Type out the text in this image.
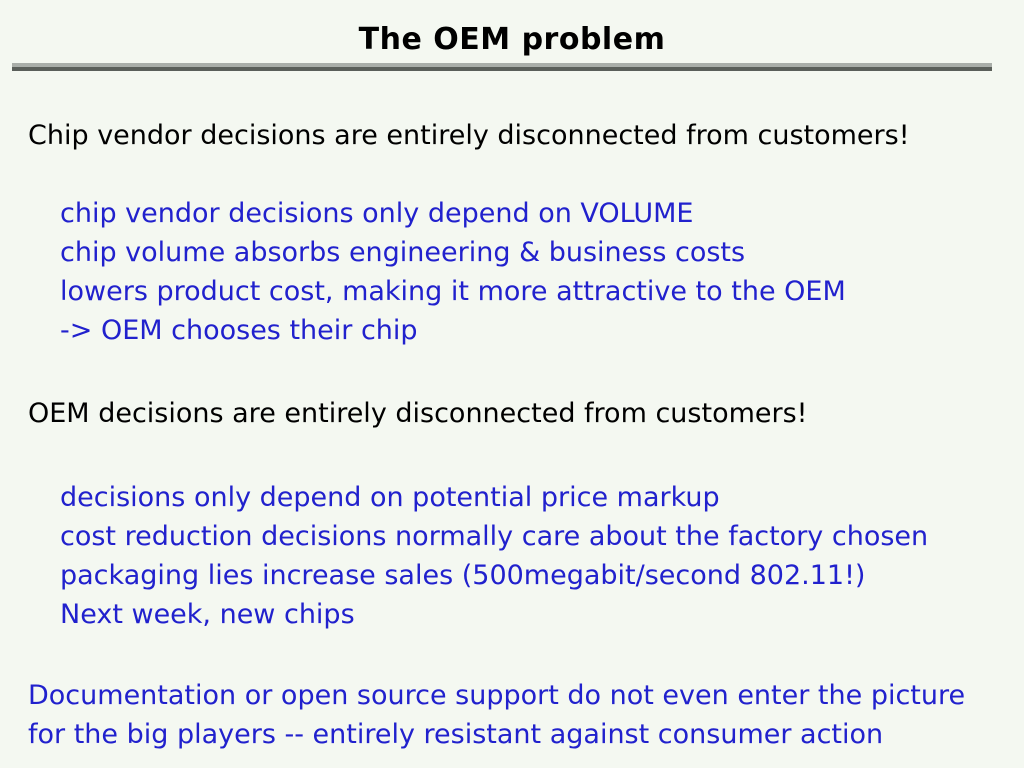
The OEM problem
Chip vendor decisions are entirely disconnected from customers!
chip vendor decisions only depend on VOLUME
chip volume absorbs engineering & business costs
lowers product cost, making it more attractive to the OEM
-> OEM chooses their chip
OEM decisions are entirely disconnected from customers!
decisions only depend on potential price markup
cost reduction decisions normally care about the factory chosen
packaging lies increase sales (500megabit/second 802.11!)
Next week, new chips
Documentation or open source support do not even enter the picture
for the big players -- entirely resistant against consumer action
